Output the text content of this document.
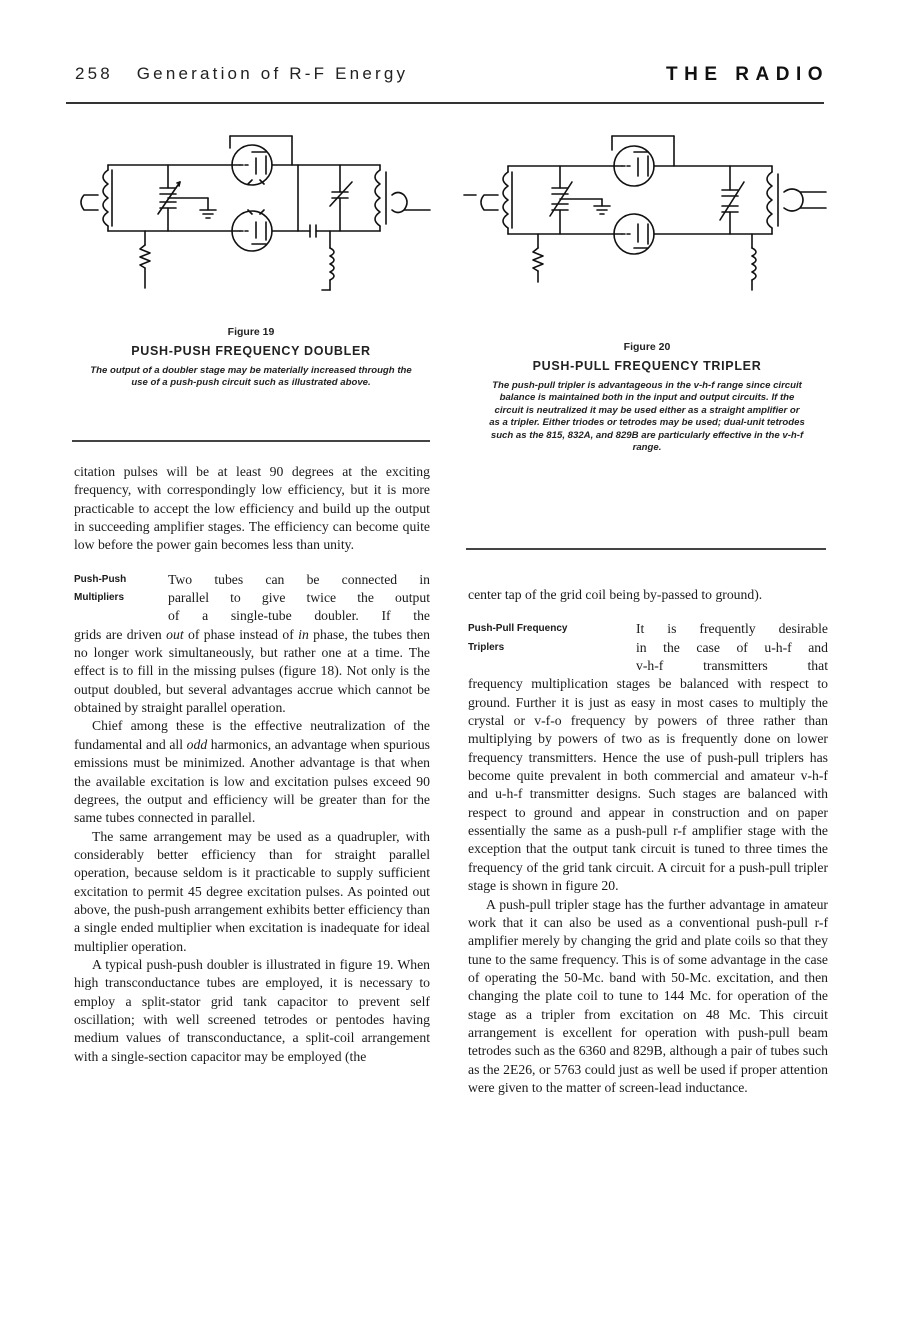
258 Generation of R-F Energy	THE RADIO
Figure 19
PUSH-PUSH FREQUENCY DOUBLER
The output of a doubler stage may be materially increased through the use of a push-push circuit such as illustrated above.
Figure 20
PUSH-PULL FREQUENCY TRIPLER
The push-pull tripler is advantageous in the v-h-f range since circuit balance is maintained both in the input and output circuits. If the circuit is neutralized it may be used either as a straight amplifier or as a tripler. Either triodes or tetrodes may be used; dual-unit tetrodes such as the 815, 832A, and 829B are particularly effective in the v-h-f range.

citation pulses will be at least 90 degrees at the exciting frequency, with correspondingly low efficiency, but it is more practicable to accept the low efficiency and build up the output in succeeding amplifier stages. The efficiency can become quite low before the power gain becomes less than unity.

Push-Push
Multipliers
Two tubes can be connected in
parallel to give twice the output
of a single-tube doubler. If the

grids are driven out of phase instead of in phase, the tubes then no longer work simultaneously, but rather one at a time. The effect is to fill in the missing pulses (figure 18). Not only is the output doubled, but several advantages accrue which cannot be obtained by straight parallel operation.

Chief among these is the effective neutralization of the fundamental and all odd harmonics, an advantage when spurious emissions must be minimized. Another advantage is that when the available excitation is low and excitation pulses exceed 90 degrees, the output and efficiency will be greater than for the same tubes connected in parallel.

The same arrangement may be used as a quadrupler, with considerably better efficiency than for straight parallel operation, because seldom is it practicable to supply sufficient excitation to permit 45 degree excitation pulses. As pointed out above, the push-push arrangement exhibits better efficiency than a single ended multiplier when excitation is inadequate for ideal multiplier operation.

A typical push-push doubler is illustrated in figure 19. When high transconductance tubes are employed, it is necessary to employ a split-stator grid tank capacitor to prevent self oscillation; with well screened tetrodes or pentodes having medium values of transconductance, a split-coil arrangement with a single-section capacitor may be employed (the

center tap of the grid coil being by-passed to ground).

Push-Pull Frequency
Triplers
It is frequently desirable
in the case of u-h-f and
v-h-f transmitters that

frequency multiplication stages be balanced with respect to ground. Further it is just as easy in most cases to multiply the crystal or v-f-o frequency by powers of three rather than multiplying by powers of two as is frequently done on lower frequency transmitters. Hence the use of push-pull triplers has become quite prevalent in both commercial and amateur v-h-f and u-h-f transmitter designs. Such stages are balanced with respect to ground and appear in construction and on paper essentially the same as a push-pull r-f amplifier stage with the exception that the output tank circuit is tuned to three times the frequency of the grid tank circuit. A circuit for a push-pull tripler stage is shown in figure 20.

A push-pull tripler stage has the further advantage in amateur work that it can also be used as a conventional push-pull r-f amplifier merely by changing the grid and plate coils so that they tune to the same frequency. This is of some advantage in the case of operating the 50-Mc. band with 50-Mc. excitation, and then changing the plate coil to tune to 144 Mc. for operation of the stage as a tripler from excitation on 48 Mc. This circuit arrangement is excellent for operation with push-pull beam tetrodes such as the 6360 and 829B, although a pair of tubes such as the 2E26, or 5763 could just as well be used if proper attention were given to the matter of screen-lead inductance.
